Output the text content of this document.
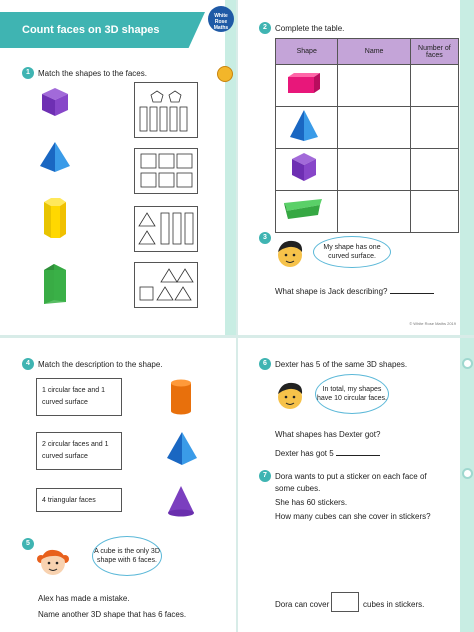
Count faces on 3D shapes
White Rose Maths
1	Match the shapes to the faces.
2	Complete the table.
Shape	Name	Number of faces

3
My shape has one curved surface.
What shape is Jack describing?
© White Rose Maths 2019
4	Match the description to the shape.
1 circular face and 1 curved surface
2 circular faces and 1 curved surface
4 triangular faces
5
A cube is the only 3D shape with 6 faces.
Alex has made a mistake.
Name another 3D shape that has 6 faces.
6	Dexter has 5 of the same 3D shapes.
In total, my shapes have 10 circular faces.
What shapes has Dexter got?
Dexter has got 5
7	Dora wants to put a sticker on each face of
some cubes.
She has 60 stickers.
How many cubes can she cover in stickers?
Dora can cover	cubes in stickers.
